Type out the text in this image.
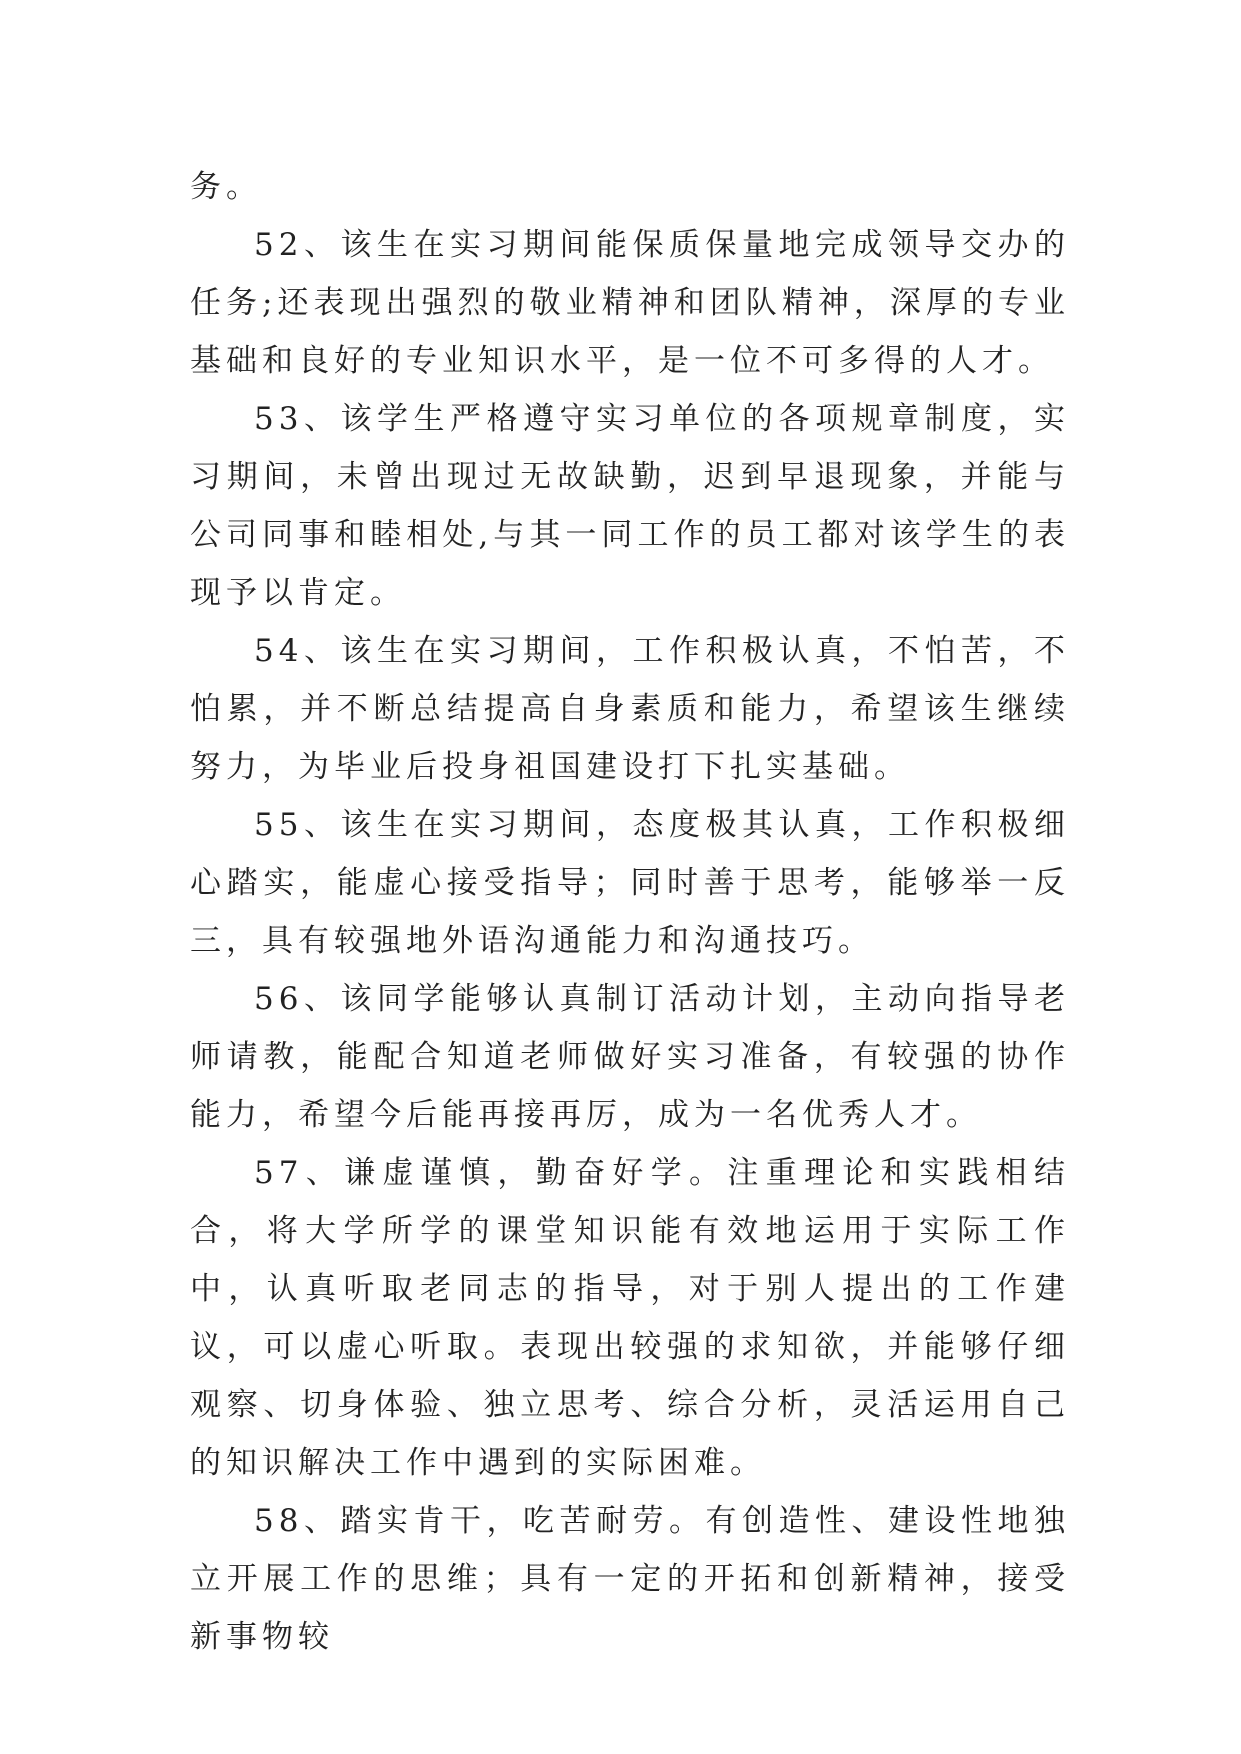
务。

52、该生在实习期间能保质保量地完成领导交办的任务;还表现出强烈的敬业精神和团队精神，深厚的专业基础和良好的专业知识水平，是一位不可多得的人才。

53、该学生严格遵守实习单位的各项规章制度，实习期间，未曾出现过无故缺勤，迟到早退现象，并能与公司同事和睦相处,与其一同工作的员工都对该学生的表现予以肯定。

54、该生在实习期间，工作积极认真，不怕苦，不怕累，并不断总结提高自身素质和能力，希望该生继续努力，为毕业后投身祖国建设打下扎实基础。

55、该生在实习期间，态度极其认真，工作积极细心踏实，能虚心接受指导；同时善于思考，能够举一反三，具有较强地外语沟通能力和沟通技巧。

56、该同学能够认真制订活动计划，主动向指导老师请教，能配合知道老师做好实习准备，有较强的协作能力，希望今后能再接再厉，成为一名优秀人才。

57、谦虚谨慎，勤奋好学。注重理论和实践相结合，将大学所学的课堂知识能有效地运用于实际工作中，认真听取老同志的指导，对于别人提出的工作建议，可以虚心听取。表现出较强的求知欲，并能够仔细观察、切身体验、独立思考、综合分析，灵活运用自己的知识解决工作中遇到的实际困难。

58、踏实肯干，吃苦耐劳。有创造性、建设性地独立开展工作的思维；具有一定的开拓和创新精神，接受新事物较
